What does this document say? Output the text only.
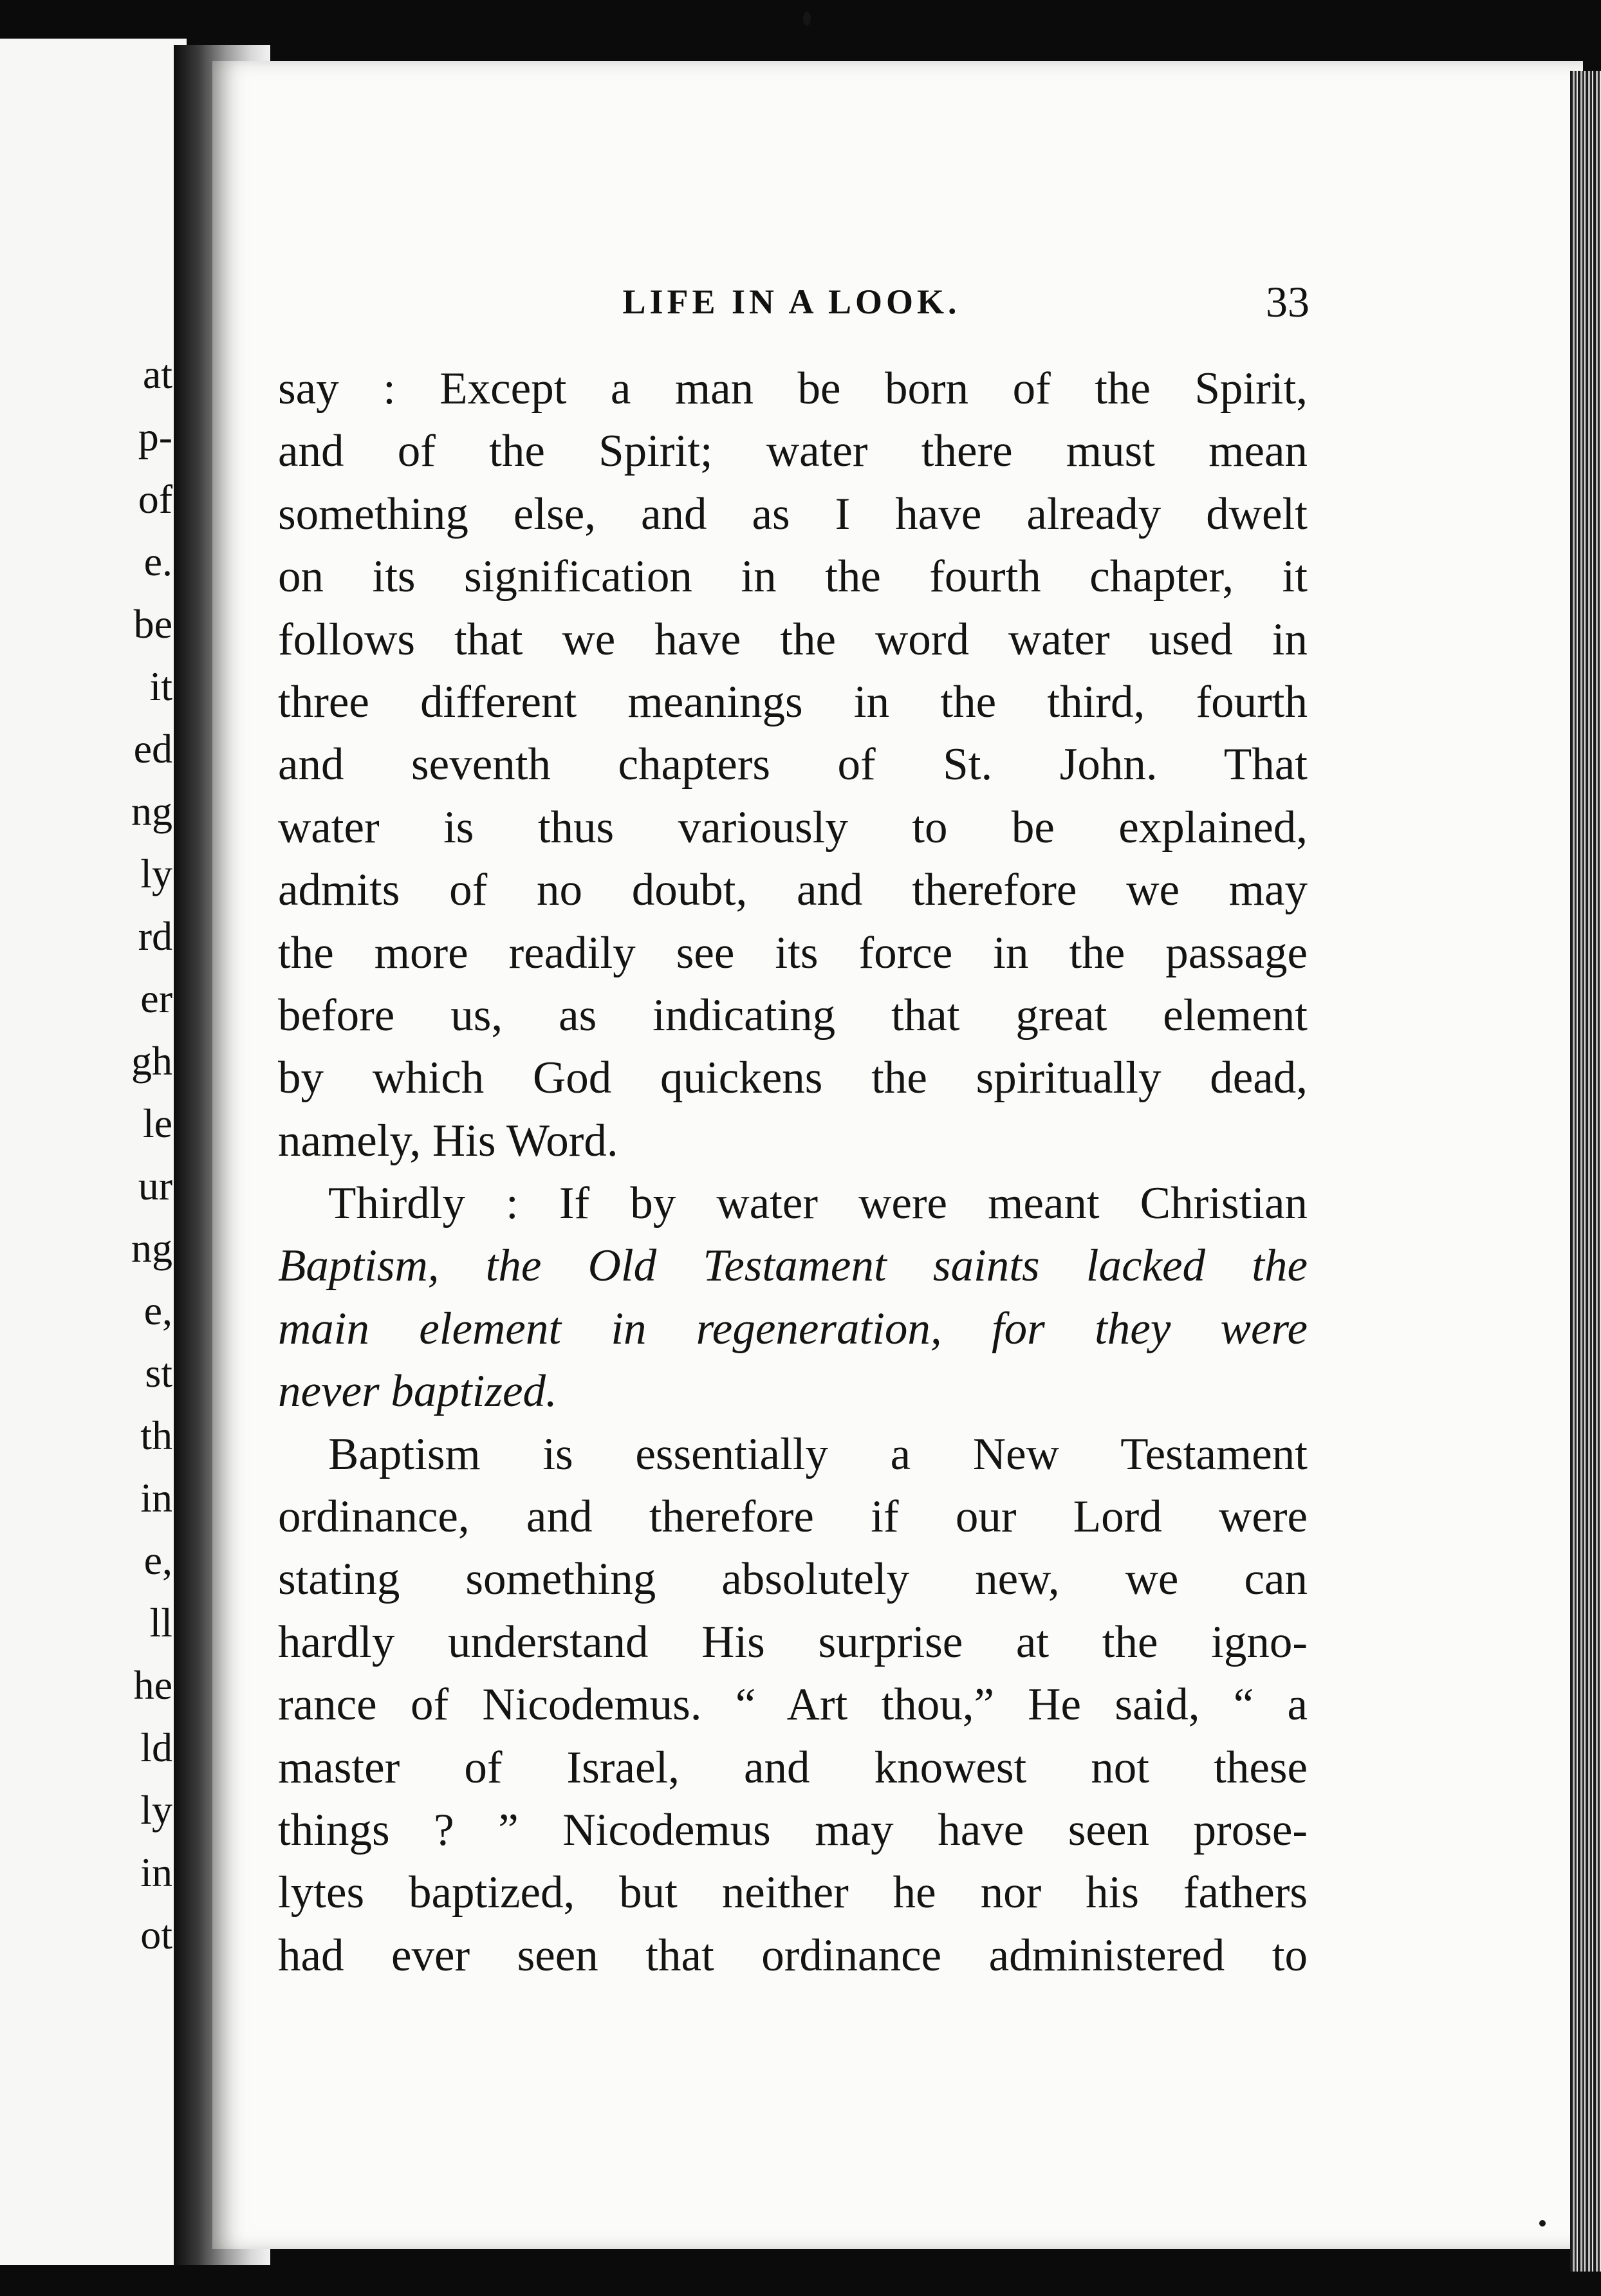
at
p-
of
e.
be
it
ed
ng
ly
rd
er
gh
le
ur
ng
e,
st
th
in
e,
ll
he
ld
ly
in
ot
LIFE IN A LOOK.	33
say : Except a man be born of the Spirit,
and of the Spirit; water there must mean
something else, and as I have already dwelt
on its signification in the fourth chapter, it
follows that we have the word water used in
three different meanings in the third, fourth
and seventh chapters of St. John. That
water is thus variously to be explained,
admits of no doubt, and therefore we may
the more readily see its force in the passage
before us, as indicating that great element
by which God quickens the spiritually dead,
namely, His Word.
Thirdly : If by water were meant Christian
Baptism, the Old Testament saints lacked the
main element in regeneration, for they were
never baptized.
Baptism is essentially a New Testament
ordinance, and therefore if our Lord were
stating something absolutely new, we can
hardly understand His surprise at the igno-
rance of Nicodemus. “ Art thou,” He said, “ a
master of Israel, and knowest not these
things ? ” Nicodemus may have seen prose-
lytes baptized, but neither he nor his fathers
had ever seen that ordinance administered to
